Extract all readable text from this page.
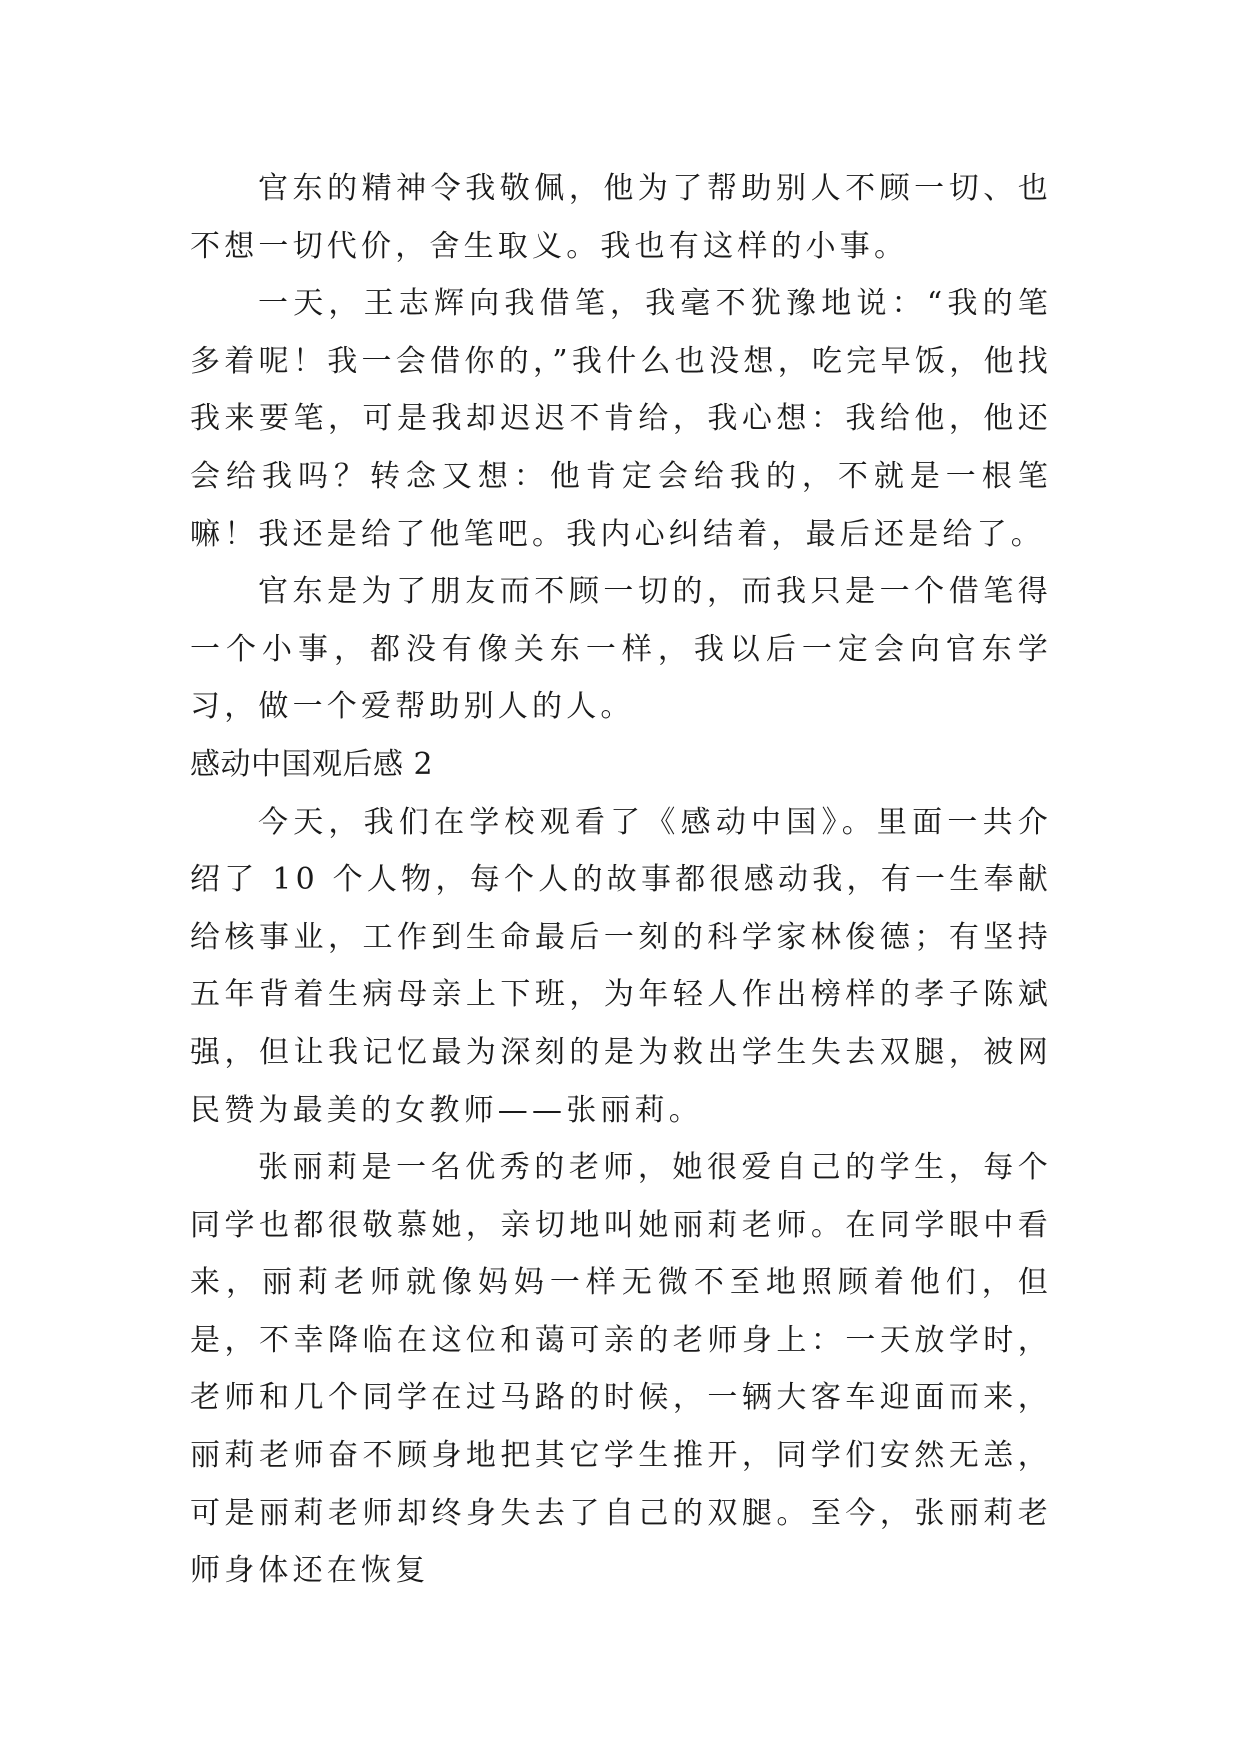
官东的精神令我敬佩，他为了帮助别人不顾一切、也不想一切代价，舍生取义。我也有这样的小事。

一天，王志辉向我借笔，我毫不犹豫地说：“我的笔多着呢！我一会借你的，”我什么也没想，吃完早饭，他找我来要笔，可是我却迟迟不肯给，我心想：我给他，他还会给我吗？转念又想：他肯定会给我的，不就是一根笔嘛！我还是给了他笔吧。我内心纠结着，最后还是给了。

官东是为了朋友而不顾一切的，而我只是一个借笔得一个小事，都没有像关东一样，我以后一定会向官东学习，做一个爱帮助别人的人。

感动中国观后感 2

今天，我们在学校观看了《感动中国》。里面一共介绍了 10 个人物，每个人的故事都很感动我，有一生奉献给核事业，工作到生命最后一刻的科学家林俊德；有坚持五年背着生病母亲上下班，为年轻人作出榜样的孝子陈斌强，但让我记忆最为深刻的是为救出学生失去双腿，被网民赞为最美的女教师——张丽莉。

张丽莉是一名优秀的老师，她很爱自己的学生，每个同学也都很敬慕她，亲切地叫她丽莉老师。在同学眼中看来，丽莉老师就像妈妈一样无微不至地照顾着他们，但是，不幸降临在这位和蔼可亲的老师身上：一天放学时，老师和几个同学在过马路的时候，一辆大客车迎面而来，丽莉老师奋不顾身地把其它学生推开，同学们安然无恙，可是丽莉老师却终身失去了自己的双腿。至今，张丽莉老师身体还在恢复
